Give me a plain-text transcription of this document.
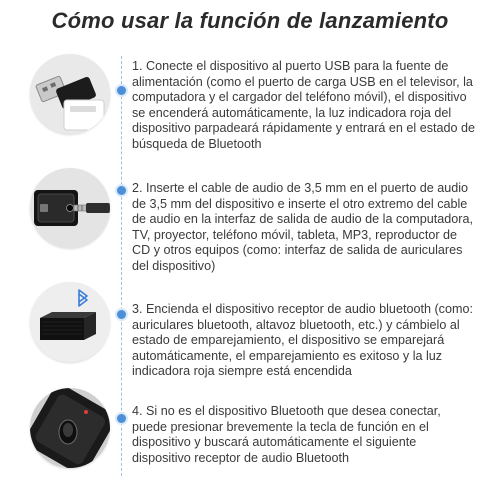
Cómo usar la función de lanzamiento
1. Conecte el dispositivo al puerto USB para la fuente de alimentación (como el puerto de carga USB en el televisor, la computadora y el cargador del teléfono móvil), el dispositivo se encenderá automáticamente, la luz indicadora roja del dispositivo parpadeará rápidamente y entrará en el estado de búsqueda de Bluetooth
2. Inserte el cable de audio de 3,5 mm en el puerto de audio de 3,5 mm del dispositivo e inserte el otro extremo del cable de audio en la interfaz de salida de audio de la computadora, TV, proyector, teléfono móvil, tableta, MP3, reproductor de CD y otros equipos (como: interfaz de salida de auriculares del dispositivo)
3. Encienda el dispositivo receptor de audio bluetooth (como: auriculares bluetooth, altavoz bluetooth, etc.) y cámbielo al estado de emparejamiento, el dispositivo se emparejará automáticamente, el emparejamiento es exitoso y la luz indicadora roja siempre está encendida
4. Si no es el dispositivo Bluetooth que desea conectar, puede presionar brevemente la tecla de función en el dispositivo y buscará automáticamente el siguiente dispositivo receptor de audio Bluetooth
